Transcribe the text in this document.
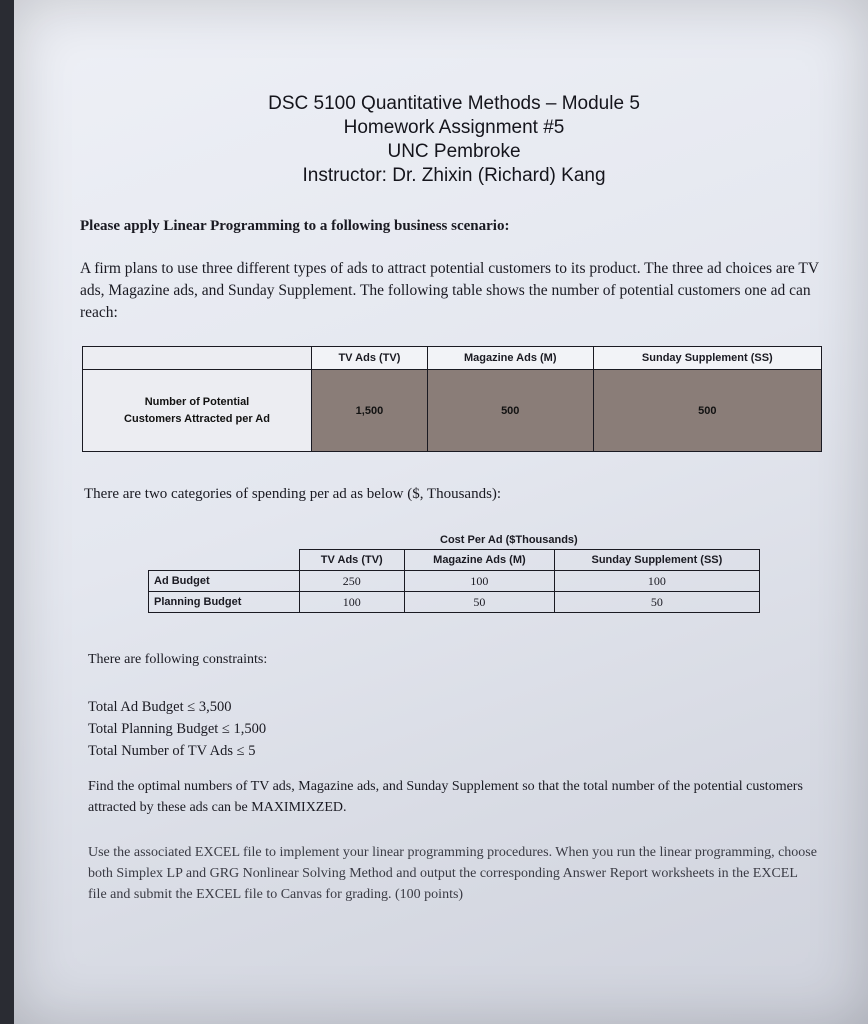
DSC 5100 Quantitative Methods – Module 5
Homework Assignment #5
UNC Pembroke
Instructor: Dr. Zhixin (Richard) Kang
Please apply Linear Programming to a following business scenario:
A firm plans to use three different types of ads to attract potential customers to its product. The three ad choices are TV ads, Magazine ads, and Sunday Supplement. The following table shows the number of potential customers one ad can reach:
	TV Ads (TV)	Magazine Ads (M)	Sunday Supplement (SS)

Number of Potential
Customers Attracted per Ad	1,500	500	500
There are two categories of spending per ad as below ($, Thousands):
Cost Per Ad ($Thousands)
	TV Ads (TV)	Magazine Ads (M)	Sunday Supplement (SS)
Ad Budget	250	100	100
Planning Budget	100	50	50
There are following constraints:
Total Ad Budget ≤ 3,500
Total Planning Budget ≤ 1,500
Total Number of TV Ads ≤ 5
Find the optimal numbers of TV ads, Magazine ads, and Sunday Supplement so that the total number of the potential customers attracted by these ads can be MAXIMIXZED.
Use the associated EXCEL file to implement your linear programming procedures. When you run the linear programming, choose both Simplex LP and GRG Nonlinear Solving Method and output the corresponding Answer Report worksheets in the EXCEL file and submit the EXCEL file to Canvas for grading. (100 points)
